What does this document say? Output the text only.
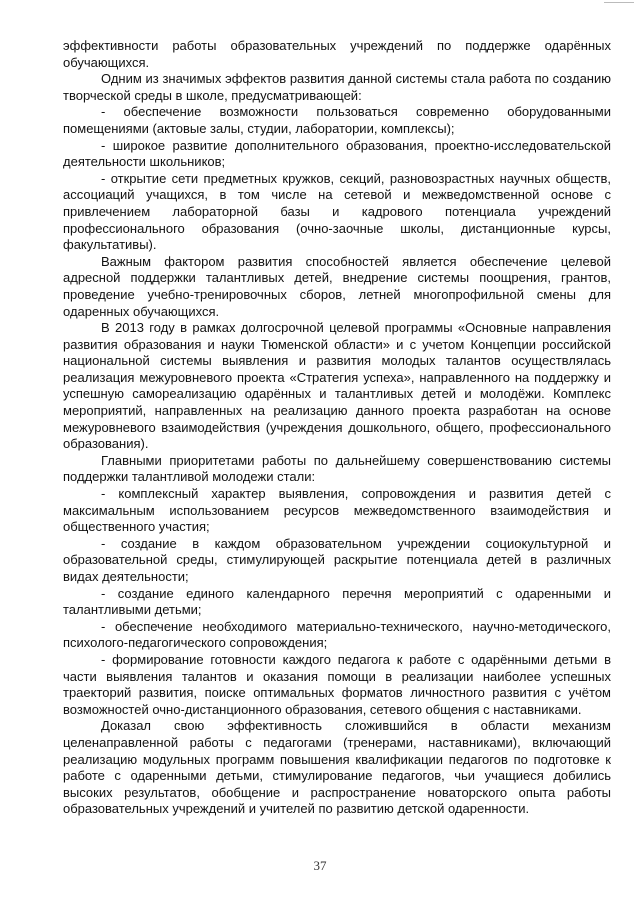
эффективности работы образовательных учреждений по поддержке одарённых обучающихся.

Одним из значимых эффектов развития данной системы стала работа по созданию творческой среды в школе, предусматривающей:

- обеспечение возможности пользоваться современно оборудованными помещениями (актовые залы, студии, лаборатории, комплексы);

- широкое развитие дополнительного образования, проектно-исследовательской деятельности школьников;

- открытие сети предметных кружков, секций, разновозрастных научных обществ, ассоциаций учащихся, в том числе на сетевой и межведомственной основе с привлечением лабораторной базы и кадрового потенциала учреждений профессионального образования (очно-заочные школы, дистанционные курсы, факультативы).

Важным фактором развития способностей является обеспечение целевой адресной поддержки талантливых детей, внедрение системы поощрения, грантов, проведение учебно-тренировочных сборов, летней многопрофильной смены для одаренных обучающихся.

В 2013 году в рамках долгосрочной целевой программы «Основные направления развития образования и науки Тюменской области» и с учетом Концепции российской национальной системы выявления и развития молодых талантов осуществлялась реализация межуровневого проекта «Стратегия успеха», направленного на поддержку и успешную самореализацию одарённых и талантливых детей и молодёжи. Комплекс мероприятий, направленных на реализацию данного проекта разработан на основе межуровневого взаимодействия (учреждения дошкольного, общего, профессионального образования).

Главными приоритетами работы по дальнейшему совершенствованию системы поддержки талантливой молодежи стали:

- комплексный характер выявления, сопровождения и развития детей с максимальным использованием ресурсов межведомственного взаимодействия и общественного участия;

- создание в каждом образовательном учреждении социокультурной и образовательной среды, стимулирующей раскрытие потенциала детей в различных видах деятельности;

- создание единого календарного перечня мероприятий с одаренными и талантливыми детьми;

- обеспечение необходимого материально-технического, научно-методического, психолого-педагогического сопровождения;

- формирование готовности каждого педагога к работе с одарёнными детьми в части выявления талантов и оказания помощи в реализации наиболее успешных траекторий развития, поиске оптимальных форматов личностного развития с учётом возможностей очно-дистанционного образования, сетевого общения с наставниками.

Доказал свою эффективность сложившийся в области механизм целенаправленной работы с педагогами (тренерами, наставниками), включающий реализацию модульных программ повышения квалификации педагогов по подготовке к работе с одаренными детьми, стимулирование педагогов, чьи учащиеся добились высоких результатов, обобщение и распространение новаторского опыта работы образовательных учреждений и учителей по развитию детской одаренности.

37
